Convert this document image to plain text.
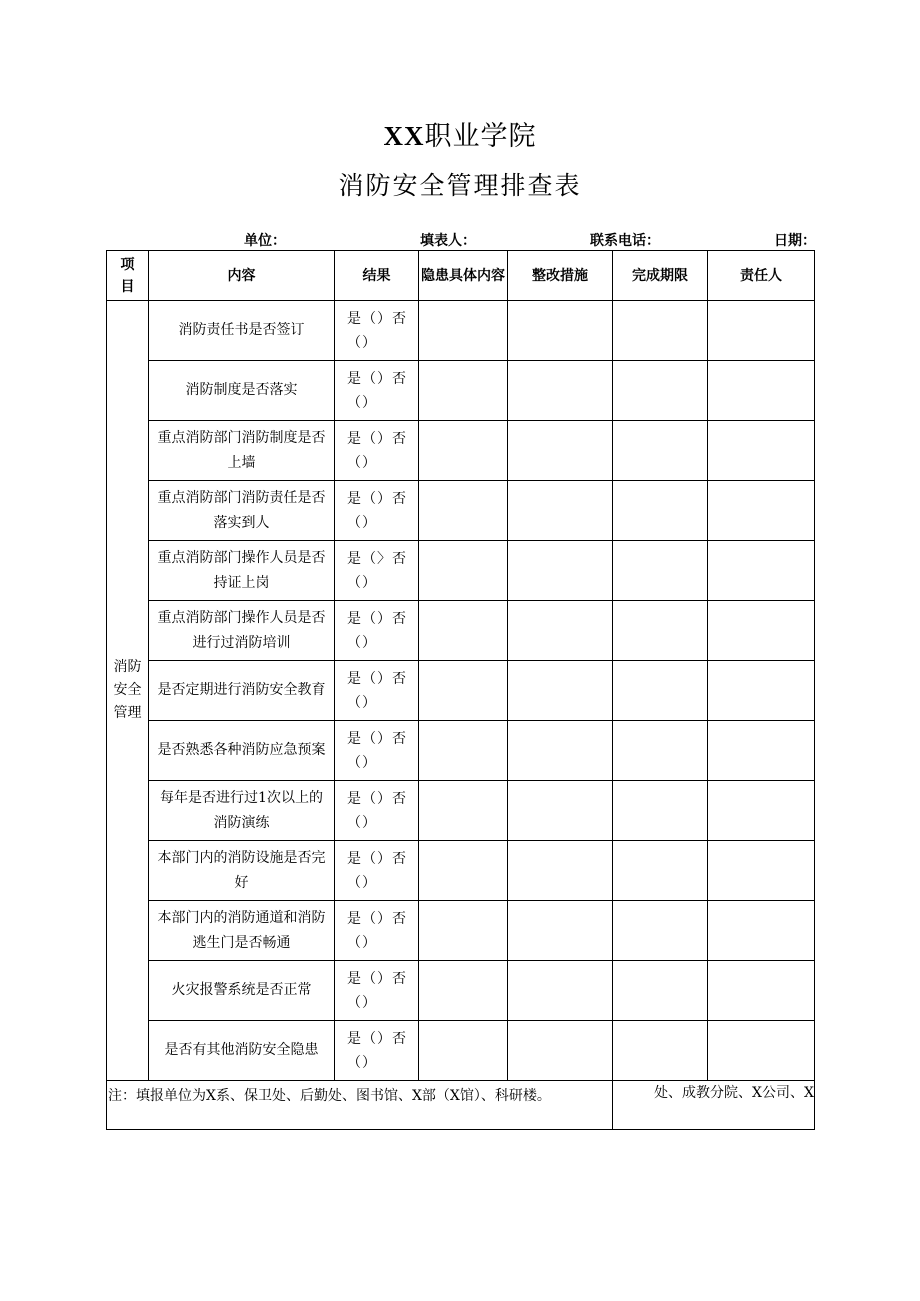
XX职业学院
消防安全管理排查表
单位：	填表人：	联系电话：	日期：
项目	内容	结果	隐患具体内容	整改措施	完成期限	责任人
消防安全管理	消防责任书是否签订	是（）否（）				
	消防制度是否落实	是（）否（）				
	重点消防部门消防制度是否上墙	是（）否（）				
	重点消防部门消防责任是否落实到人	是（）否（）				
	重点消防部门操作人员是否持证上岗	是（〉否（）				
	重点消防部门操作人员是否进行过消防培训	是（）否（）				
	是否定期进行消防安全教育	是（）否（）				
	是否熟悉各种消防应急预案	是（）否（）				
	每年是否进行过1次以上的消防演练	是（）否（）				
	本部门内的消防设施是否完好	是（）否（）				
	本部门内的消防通道和消防逃生门是否畅通	是（）否（）				
	火灾报警系统是否正常	是（）否（）				
	是否有其他消防安全隐患	是（）否（）				
注：填报单位为X系、保卫处、后勤处、图书馆、X部（X馆）、科研楼。					处、成教分院、X公司、X	
